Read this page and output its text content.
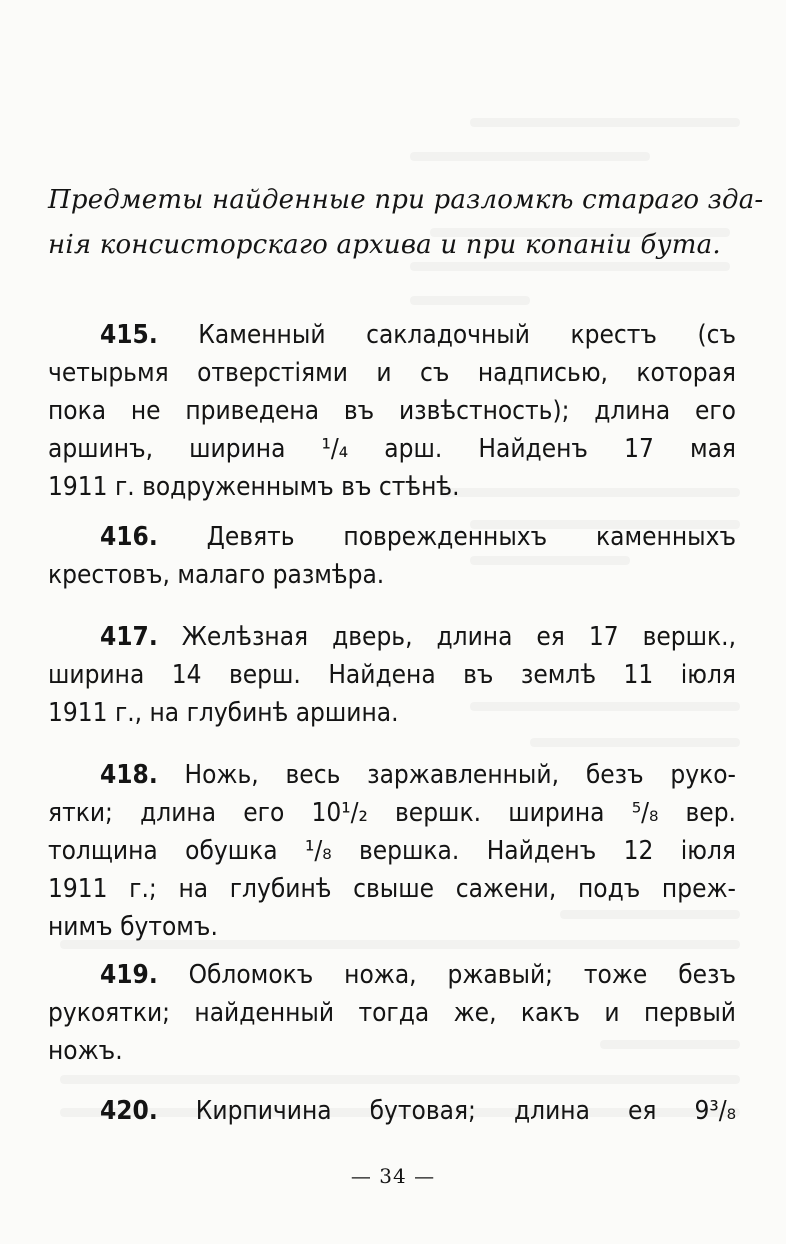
Предметы найденные при разломкѣ стараго зда-
нія консисторскаго архива и при копаніи бута.
415. Каменный сакладочный крестъ (съ
четырьмя отверстіями и съ надписью, которая
пока не приведена въ извѣстность); длина его
аршинъ, ширина ¹/₄ арш. Найденъ 17 мая
1911 г. водруженнымъ въ стѣнѣ.
416. Девять поврежденныхъ каменныхъ
крестовъ, малаго размѣра.
417. Желѣзная дверь, длина ея 17 вершк.,
ширина 14 верш. Найдена въ землѣ 11 іюля
1911 г., на глубинѣ аршина.
418. Ножь, весь заржавленный, безъ руко-
ятки; длина его 10¹/₂ вершк. ширина ⁵/₈ вер.
толщина обушка ¹/₈ вершка. Найденъ 12 іюля
1911 г.; на глубинѣ свыше сажени, подъ преж-
нимъ бутомъ.
419. Обломокъ ножа, ржавый; тоже безъ
рукоятки; найденный тогда же, какъ и первый
ножъ.
420. Кирпичина бутовая; длина ея 9³/₈
— 34 —
